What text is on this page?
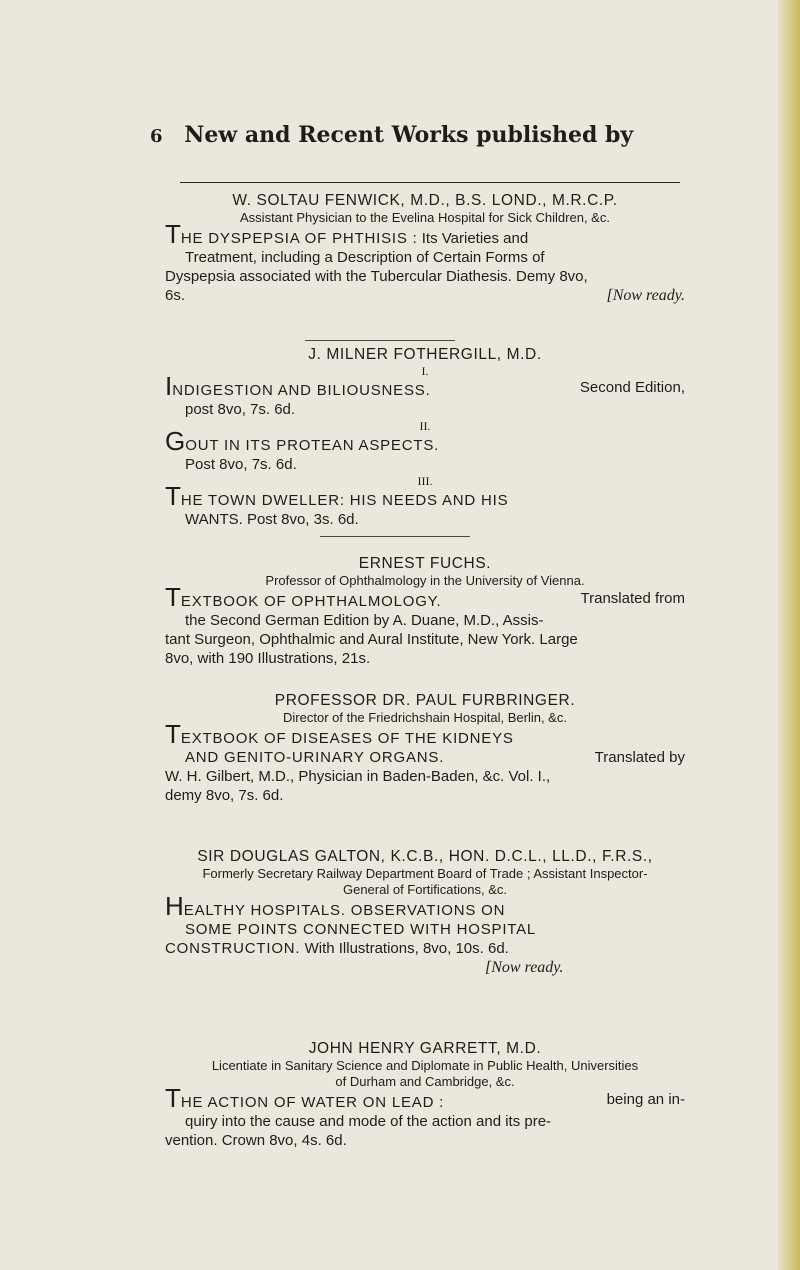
6 New and Recent Works published by

W. SOLTAU FENWICK, M.D., B.S. LOND., M.R.C.P.

Assistant Physician to the Evelina Hospital for Sick Children, &c.

THE DYSPEPSIA OF PHTHISIS : Its Varieties and

Treatment, including a Description of Certain Forms of
Dyspepsia associated with the Tubercular Diathesis. Demy 8vo,
6s.	[Now ready.

J. MILNER FOTHERGILL, M.D.

I.

INDIGESTION AND BILIOUSNESS.	Second Edition,

post 8vo, 7s. 6d.

II.

GOUT IN ITS PROTEAN ASPECTS.

Post 8vo, 7s. 6d.

III.

THE TOWN DWELLER: HIS NEEDS AND HIS

WANTS. Post 8vo, 3s. 6d.

ERNEST FUCHS.

Professor of Ophthalmology in the University of Vienna.

TEXTBOOK OF OPHTHALMOLOGY.	Translated from

the Second German Edition by A. Duane, M.D., Assis-
tant Surgeon, Ophthalmic and Aural Institute, New York. Large
8vo, with 190 Illustrations, 21s.

PROFESSOR DR. PAUL FURBRINGER.

Director of the Friedrichshain Hospital, Berlin, &c.

TEXTBOOK OF DISEASES OF THE KIDNEYS

AND GENITO-URINARY ORGANS.	Translated by
W. H. Gilbert, M.D., Physician in Baden-Baden, &c. Vol. I.,
demy 8vo, 7s. 6d.

SIR DOUGLAS GALTON, K.C.B., HON. D.C.L., LL.D., F.R.S.,

Formerly Secretary Railway Department Board of Trade ; Assistant Inspector-

General of Fortifications, &c.

HEALTHY HOSPITALS. OBSERVATIONS ON

SOME POINTS CONNECTED WITH HOSPITAL
CONSTRUCTION. With Illustrations, 8vo, 10s. 6d.
[Now ready.

JOHN HENRY GARRETT, M.D.

Licentiate in Sanitary Science and Diplomate in Public Health, Universities

of Durham and Cambridge, &c.

THE ACTION OF WATER ON LEAD :	being an in-

quiry into the cause and mode of the action and its pre-
vention. Crown 8vo, 4s. 6d.
